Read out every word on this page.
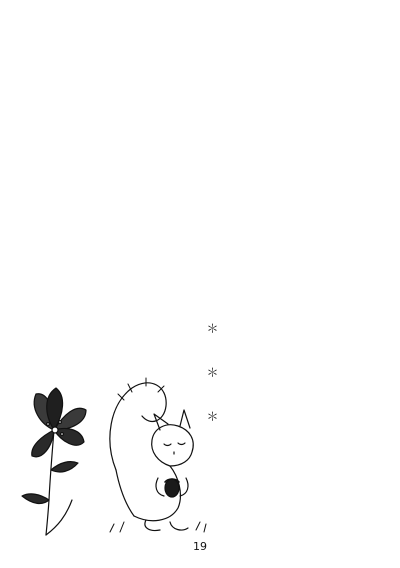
＊　＊　＊
19
